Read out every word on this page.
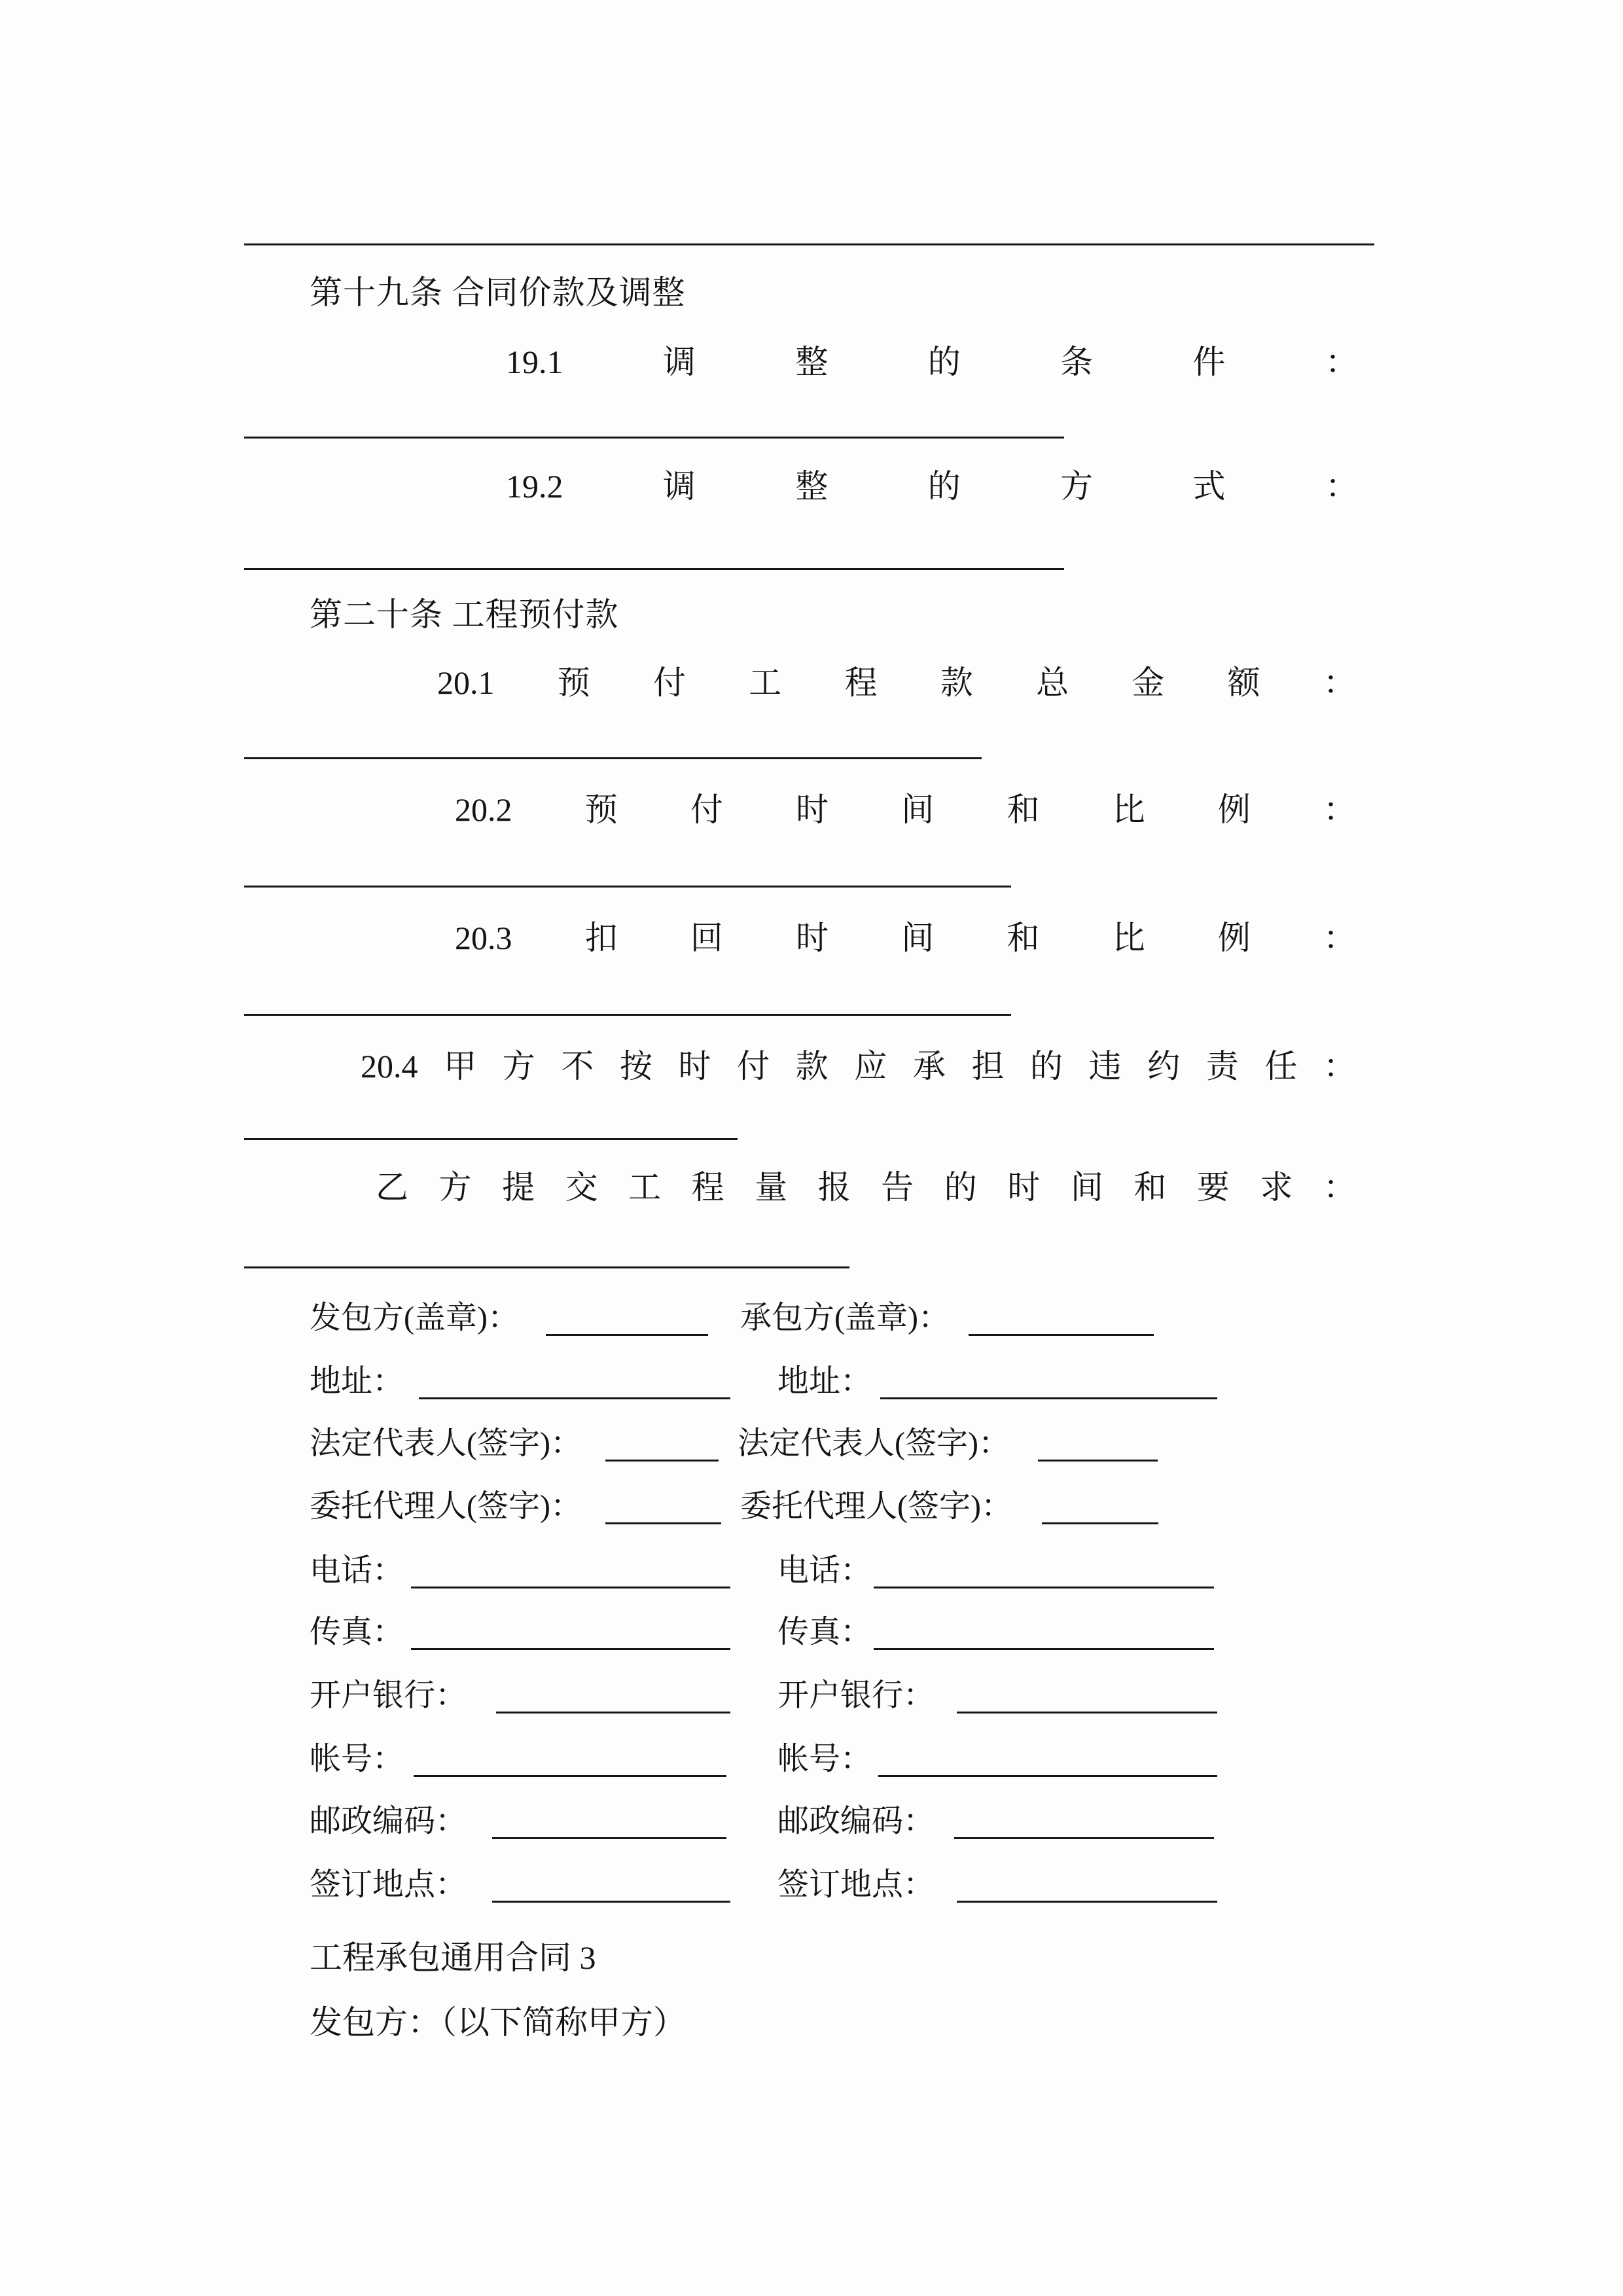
第十九条 合同价款及调整
19.1	调	整	的	条	件	：
19.2	调	整	的	方	式	：
第二十条 工程预付款
20.1 预 付 工 程 款 总 金 额 ：
20.2 预 付 时 间 和 比 例 ：
20.3 扣 回 时 间 和 比 例 ：
20.4 甲 方 不 按 时 付 款 应 承 担 的 违 约 责 任 ：
乙 方 提 交 工 程 量 报 告 的 时 间 和 要 求 ：
发包方(盖章)：	承包方(盖章)：
地址：	地址：
法定代表人(签字)：	法定代表人(签字)：
委托代理人(签字)：	委托代理人(签字)：
电话：	电话：
传真：	传真：
开户银行：	开户银行：
帐号：	帐号：
邮政编码：	邮政编码：
签订地点：	签订地点：
工程承包通用合同 3
发包方：（以下简称甲方）
